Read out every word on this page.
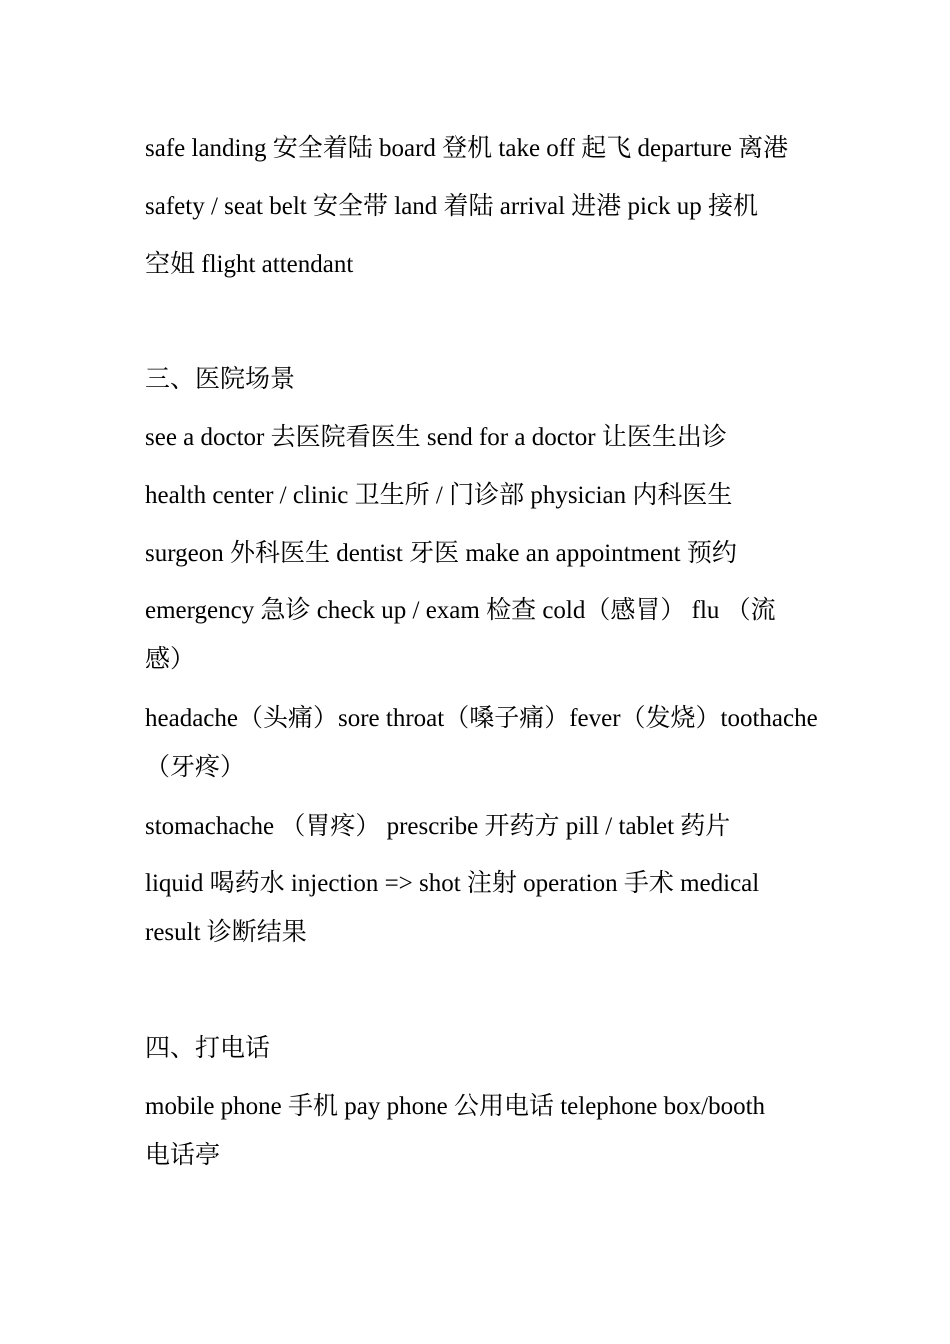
safe landing 安全着陆 board 登机 take off 起飞 departure 离港
safety / seat belt 安全带 land 着陆 arrival 进港 pick up 接机
空姐 flight attendant
三、医院场景
see a doctor 去医院看医生 send for a doctor 让医生出诊
health center / clinic 卫生所 / 门诊部 physician 内科医生
surgeon 外科医生 dentist 牙医 make an appointment 预约
emergency 急诊 check up / exam 检查 cold（感冒） flu （流
感）
headache（头痛）sore throat（嗓子痛）fever（发烧）toothache
（牙疼）
stomachache （胃疼） prescribe 开药方 pill / tablet 药片
liquid 喝药水 injection => shot 注射 operation 手术 medical
result 诊断结果
四、打电话
mobile phone 手机 pay phone 公用电话 telephone box/booth
电话亭
